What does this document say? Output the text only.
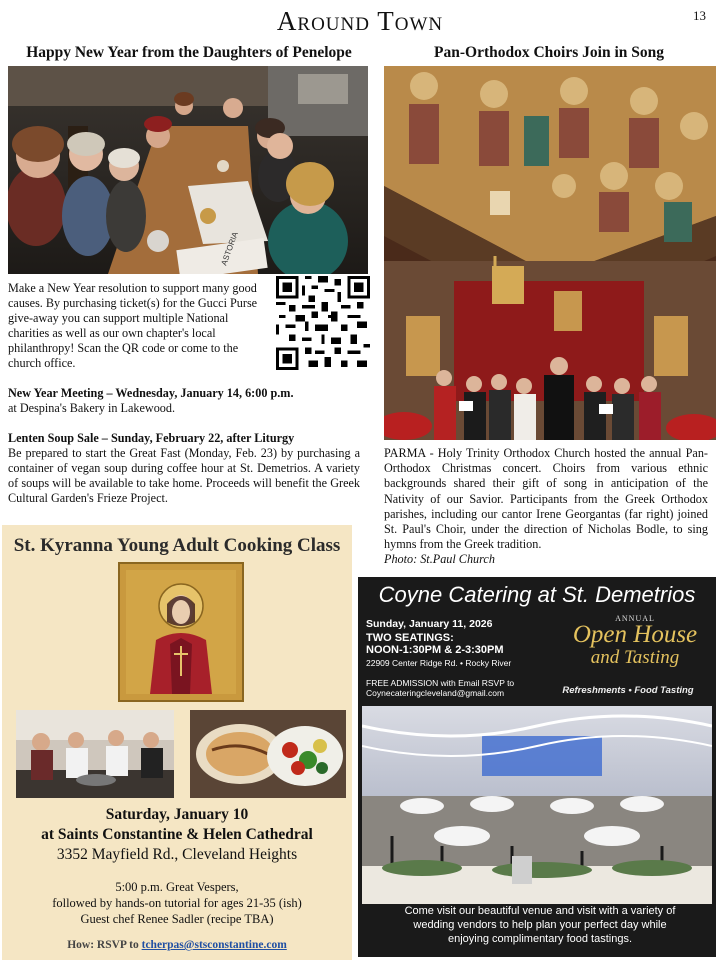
Around Town	13
Happy New Year from the Daughters of Penelope
ASTORIA
Make a New Year resolution to support many good causes. By purchasing ticket(s) for the Gucci Purse give-away you can support multiple National charities as well as our own chapter's local philanthropy! Scan the QR code or come to the church office.

New Year Meeting – Wednesday, January 14, 6:00 p.m.
at Despina's Bakery in Lakewood.

Lenten Soup Sale – Sunday, February 22, after Liturgy
Be prepared to start the Great Fast (Monday, Feb. 23) by purchasing a container of vegan soup during coffee hour at St. Demetrios. A variety of soups will be available to take home. Proceeds will benefit the Greek Cultural Garden's Frieze Project.

Pan-Orthodox Choirs Join in Song
PARMA - Holy Trinity Orthodox Church hosted the annual Pan-Orthodox Christmas concert. Choirs from various ethnic backgrounds shared their gift of song in anticipation of the Nativity of our Savior. Participants from the Greek Orthodox parishes, including our cantor Irene Georgantas (far right) joined St. Paul's Choir, under the direction of Nicholas Bodle, to sing hymns from the Greek tradition.
Photo: St.Paul Church
St. Kyranna Young Adult Cooking Class
Saturday, January 10
at Saints Constantine & Helen Cathedral
3352 Mayfield Rd., Cleveland Heights
5:00 p.m. Great Vespers,
followed by hands-on tutorial for ages 21-35 (ish)
Guest chef Renee Sadler (recipe TBA)
How: RSVP to tcherpas@stsconstantine.com
Coyne Catering at St. Demetrios
Sunday, January 11, 2026
TWO SEATINGS:
NOON-1:30PM & 2-3:30PM
22909 Center Ridge Rd. • Rocky River
FREE ADMISSION with Email RSVP to
Coynecateringcleveland@gmail.com
ANNUAL
Open House
and Tasting
Refreshments • Food Tasting
Come visit our beautiful venue and visit with a variety of wedding vendors to help plan your perfect day while enjoying complimentary food tastings.
